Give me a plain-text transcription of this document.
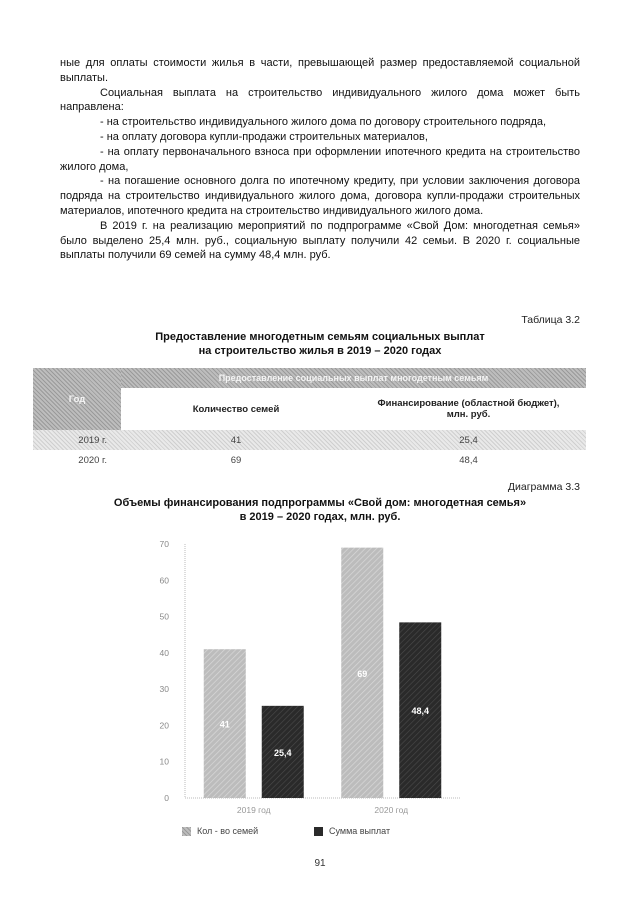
ные для оплаты стоимости жилья в части, превышающей размер предоставляемой социальной выплаты.

Социальная выплата на строительство индивидуального жилого дома может быть направлена:

- на строительство индивидуального жилого дома по договору строительного подряда,

- на оплату договора купли-продажи строительных материалов,

- на оплату первоначального взноса при оформлении ипотечного кредита на строительство жилого дома,

- на погашение основного долга по ипотечному кредиту, при условии заключения договора подряда на строительство индивидуального жилого дома, договора купли-продажи строительных материалов, ипотечного кредита на строительство индивидуального жилого дома.

В 2019 г. на реализацию мероприятий по подпрограмме «Свой Дом: многодетная семья» было выделено 25,4 млн. руб., социальную выплату получили 42 семьи. В 2020 г. социальные выплаты получили 69 семей на сумму 48,4 млн. руб.

Таблица 3.2
Предоставление многодетным семьям социальных выплат
на строительство жилья в 2019 – 2020 годах
Год	Предоставление социальных выплат многодетным семьям	
	Количество семей	Финансирование (областной бюджет),
млн. руб.

2019 г.	41	25,4
2020 г.	69	48,4
Диаграмма 3.3
Объемы финансирования подпрограммы «Свой дом: многодетная семья»
в 2019 – 2020 годах, млн. руб.
0
10
20
30
40
50
60
70
2019 год	2020 год
41
25,4
69
48,4
Кол - во семей	Сумма выплат
91
